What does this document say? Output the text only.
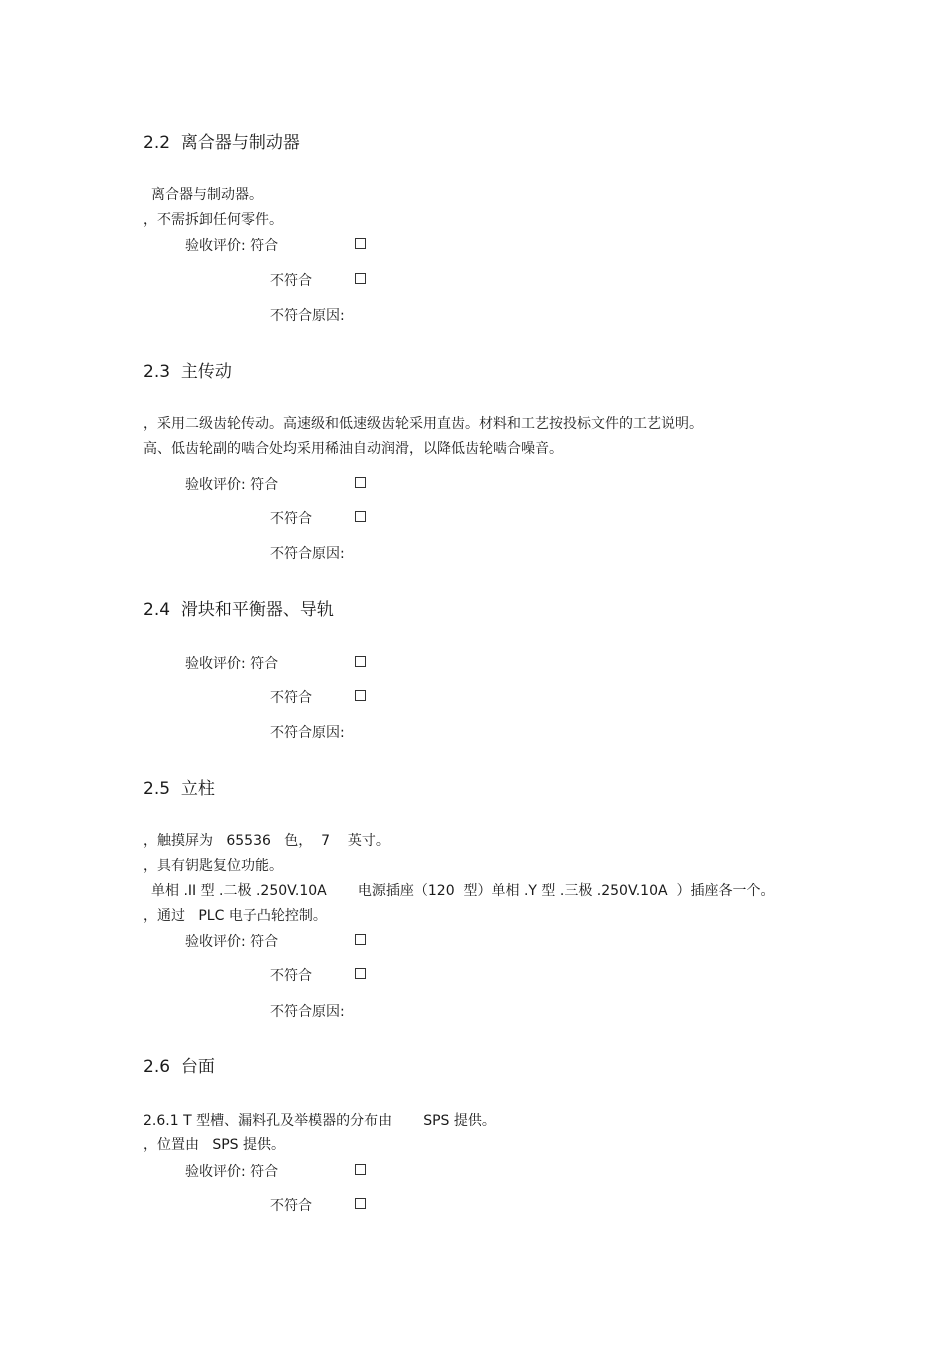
2.2  离合器与制动器
离合器与制动器。
，不需拆卸任何零件。
验收评价: 符合
不符合
不符合原因:
2.3  主传动
，采用二级齿轮传动。高速级和低速级齿轮采用直齿。材料和工艺按投标文件的工艺说明。
高、低齿轮副的啮合处均采用稀油自动润滑，以降低齿轮啮合噪音。
验收评价: 符合
不符合
不符合原因:
2.4  滑块和平衡器、导轨
验收评价: 符合
不符合
不符合原因:
2.5  立柱
，触摸屏为   65536   色，  7    英寸。
，具有钥匙复位功能。
单相 .II 型 .二极 .250V.10A       电源插座（120  型）单相 .Y 型 .三极 .250V.10A  ）插座各一个。
，通过   PLC 电子凸轮控制。
验收评价: 符合
不符合
不符合原因:
2.6  台面
2.6.1 T 型槽、漏料孔及举模器的分布由       SPS 提供。
，位置由   SPS 提供。
验收评价: 符合
不符合
